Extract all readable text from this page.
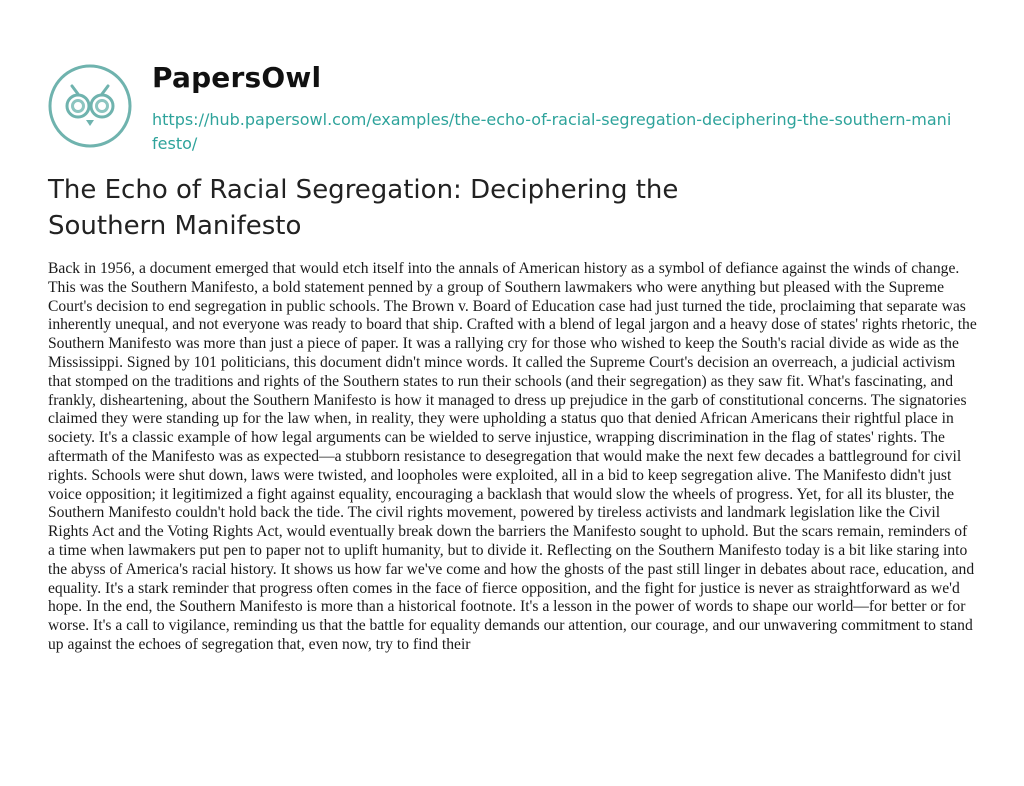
PapersOwl
https://hub.papersowl.com/examples/the-echo-of-racial-segregation-deciphering-the-southern-manifesto/
The Echo of Racial Segregation: Deciphering the Southern Manifesto

Back in 1956, a document emerged that would etch itself into the annals of American history as a symbol of defiance against the winds of change. This was the Southern Manifesto, a bold statement penned by a group of Southern lawmakers who were anything but pleased with the Supreme Court's decision to end segregation in public schools. The Brown v. Board of Education case had just turned the tide, proclaiming that separate was inherently unequal, and not everyone was ready to board that ship. Crafted with a blend of legal jargon and a heavy dose of states' rights rhetoric, the Southern Manifesto was more than just a piece of paper. It was a rallying cry for those who wished to keep the South's racial divide as wide as the Mississippi. Signed by 101 politicians, this document didn't mince words. It called the Supreme Court's decision an overreach, a judicial activism that stomped on the traditions and rights of the Southern states to run their schools (and their segregation) as they saw fit. What's fascinating, and frankly, disheartening, about the Southern Manifesto is how it managed to dress up prejudice in the garb of constitutional concerns. The signatories claimed they were standing up for the law when, in reality, they were upholding a status quo that denied African Americans their rightful place in society. It's a classic example of how legal arguments can be wielded to serve injustice, wrapping discrimination in the flag of states' rights. The aftermath of the Manifesto was as expected—a stubborn resistance to desegregation that would make the next few decades a battleground for civil rights. Schools were shut down, laws were twisted, and loopholes were exploited, all in a bid to keep segregation alive. The Manifesto didn't just voice opposition; it legitimized a fight against equality, encouraging a backlash that would slow the wheels of progress. Yet, for all its bluster, the Southern Manifesto couldn't hold back the tide. The civil rights movement, powered by tireless activists and landmark legislation like the Civil Rights Act and the Voting Rights Act, would eventually break down the barriers the Manifesto sought to uphold. But the scars remain, reminders of a time when lawmakers put pen to paper not to uplift humanity, but to divide it. Reflecting on the Southern Manifesto today is a bit like staring into the abyss of America's racial history. It shows us how far we've come and how the ghosts of the past still linger in debates about race, education, and equality. It's a stark reminder that progress often comes in the face of fierce opposition, and the fight for justice is never as straightforward as we'd hope. In the end, the Southern Manifesto is more than a historical footnote. It's a lesson in the power of words to shape our world—for better or for worse. It's a call to vigilance, reminding us that the battle for equality demands our attention, our courage, and our unwavering commitment to stand up against the echoes of segregation that, even now, try to find their
